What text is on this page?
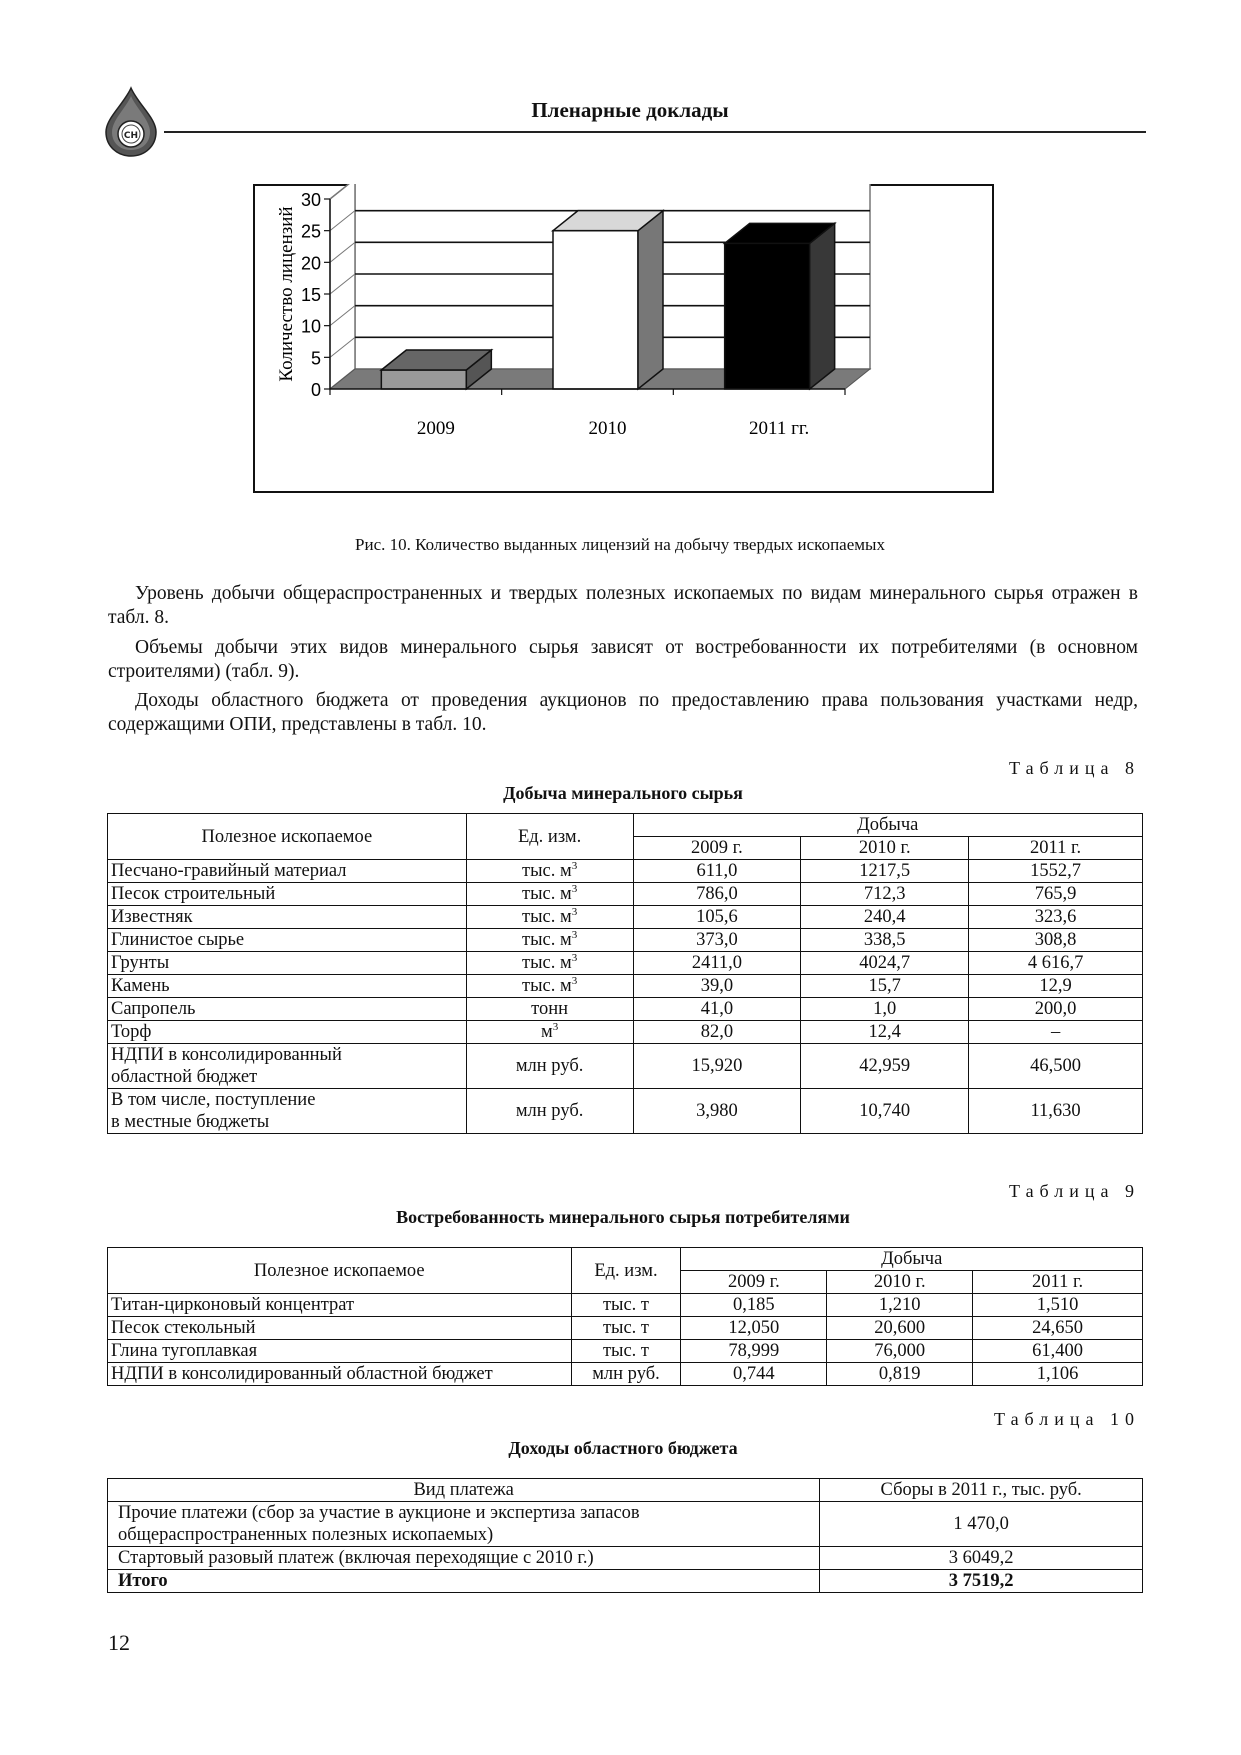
СН
Пленарные доклады
0
5
10
15
20
25
30
Количество лицензий
2009	2010	2011 гг.
Рис. 10. Количество выданных лицензий на добычу твердых ископаемых
Уровень добычи общераспространенных и твердых полезных ископаемых по видам минерального сырья отражен в табл. 8.
Объемы добычи этих видов минерального сырья зависят от востребованности их потребителями (в основном строителями) (табл. 9).
Доходы областного бюджета от проведения аукционов по предоставлению права пользования участками недр, содержащими ОПИ, представлены в табл. 10.
Таблица 8
Добыча минерального сырья
Полезное ископаемое	Ед. изм.	Добыча		
		2009 г.	2010 г.	2011 г.
Песчано-гравийный материал	тыс. $м^3$	611,0	1217,5	1552,7
Песок строительный	тыс. $м^3$	786,0	712,3	765,9
Известняк	тыс. $м^3$	105,6	240,4	323,6
Глинистое сырье	тыс. $м^3$	373,0	338,5	308,8
Грунты	тыс. $м^3$	2411,0	4024,7	4 616,7
Камень	тыс. $м^3$	39,0	15,7	12,9
Сапропель	тонн	41,0	1,0	200,0
Торф	$м^3$	82,0	12,4	–
НДПИ в консолидированный
областной бюджет	млн руб.	15,920	42,959	46,500
В том числе, поступление
в местные бюджеты	млн руб.	3,980	10,740	11,630
Таблица 9
Востребованность минерального сырья потребителями
Полезное ископаемое	Ед. изм.	Добыча		
		2009 г.	2010 г.	2011 г.
Титан-цирконовый концентрат	тыс. т	0,185	1,210	1,510
Песок стекольный	тыс. т	12,050	20,600	24,650
Глина тугоплавкая	тыс. т	78,999	76,000	61,400
НДПИ в консолидированный областной бюджет	млн руб.	0,744	0,819	1,106
Таблица 10
Доходы областного бюджета
Вид платежа	Сборы в 2011 г., тыс. руб.
Прочие платежи (сбор за участие в аукционе и экспертиза запасов
общераспространенных полезных ископаемых)	1 470,0
Стартовый разовый платеж (включая переходящие с 2010 г.)	3 6049,2
Итого	3 7519,2
12
